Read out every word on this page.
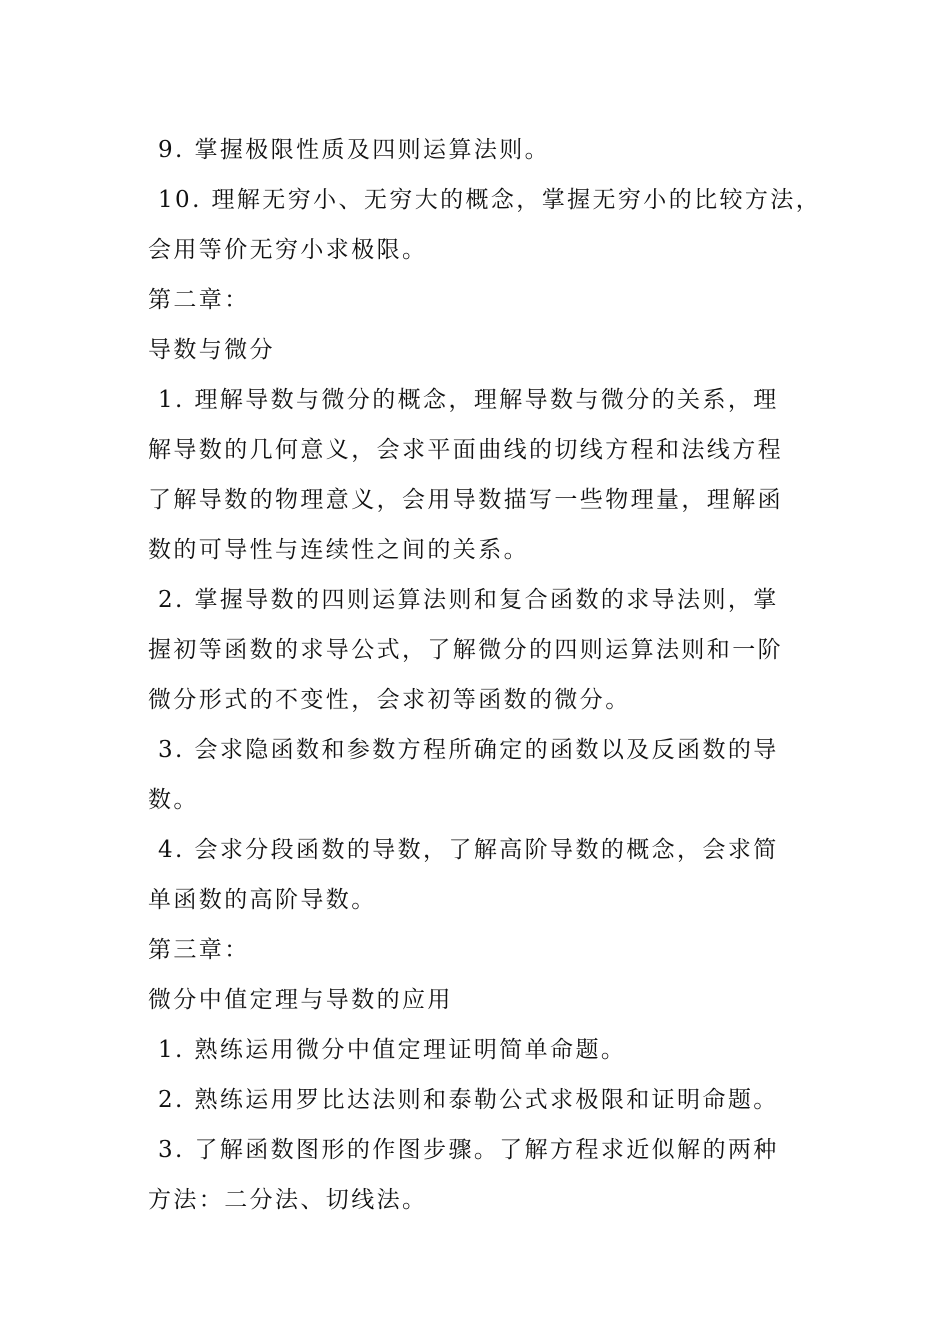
9. 掌握极限性质及四则运算法则。
10. 理解无穷小、无穷大的概念，掌握无穷小的比较方法，
会用等价无穷小求极限。
第二章：
导数与微分
1. 理解导数与微分的概念，理解导数与微分的关系，理
解导数的几何意义，会求平面曲线的切线方程和法线方程
了解导数的物理意义，会用导数描写一些物理量，理解函
数的可导性与连续性之间的关系。
2. 掌握导数的四则运算法则和复合函数的求导法则，掌
握初等函数的求导公式，了解微分的四则运算法则和一阶
微分形式的不变性，会求初等函数的微分。
3. 会求隐函数和参数方程所确定的函数以及反函数的导
数。
4. 会求分段函数的导数，了解高阶导数的概念，会求简
单函数的高阶导数。
第三章：
微分中值定理与导数的应用
1. 熟练运用微分中值定理证明简单命题。
2. 熟练运用罗比达法则和泰勒公式求极限和证明命题。
3. 了解函数图形的作图步骤。了解方程求近似解的两种
方法：二分法、切线法。
